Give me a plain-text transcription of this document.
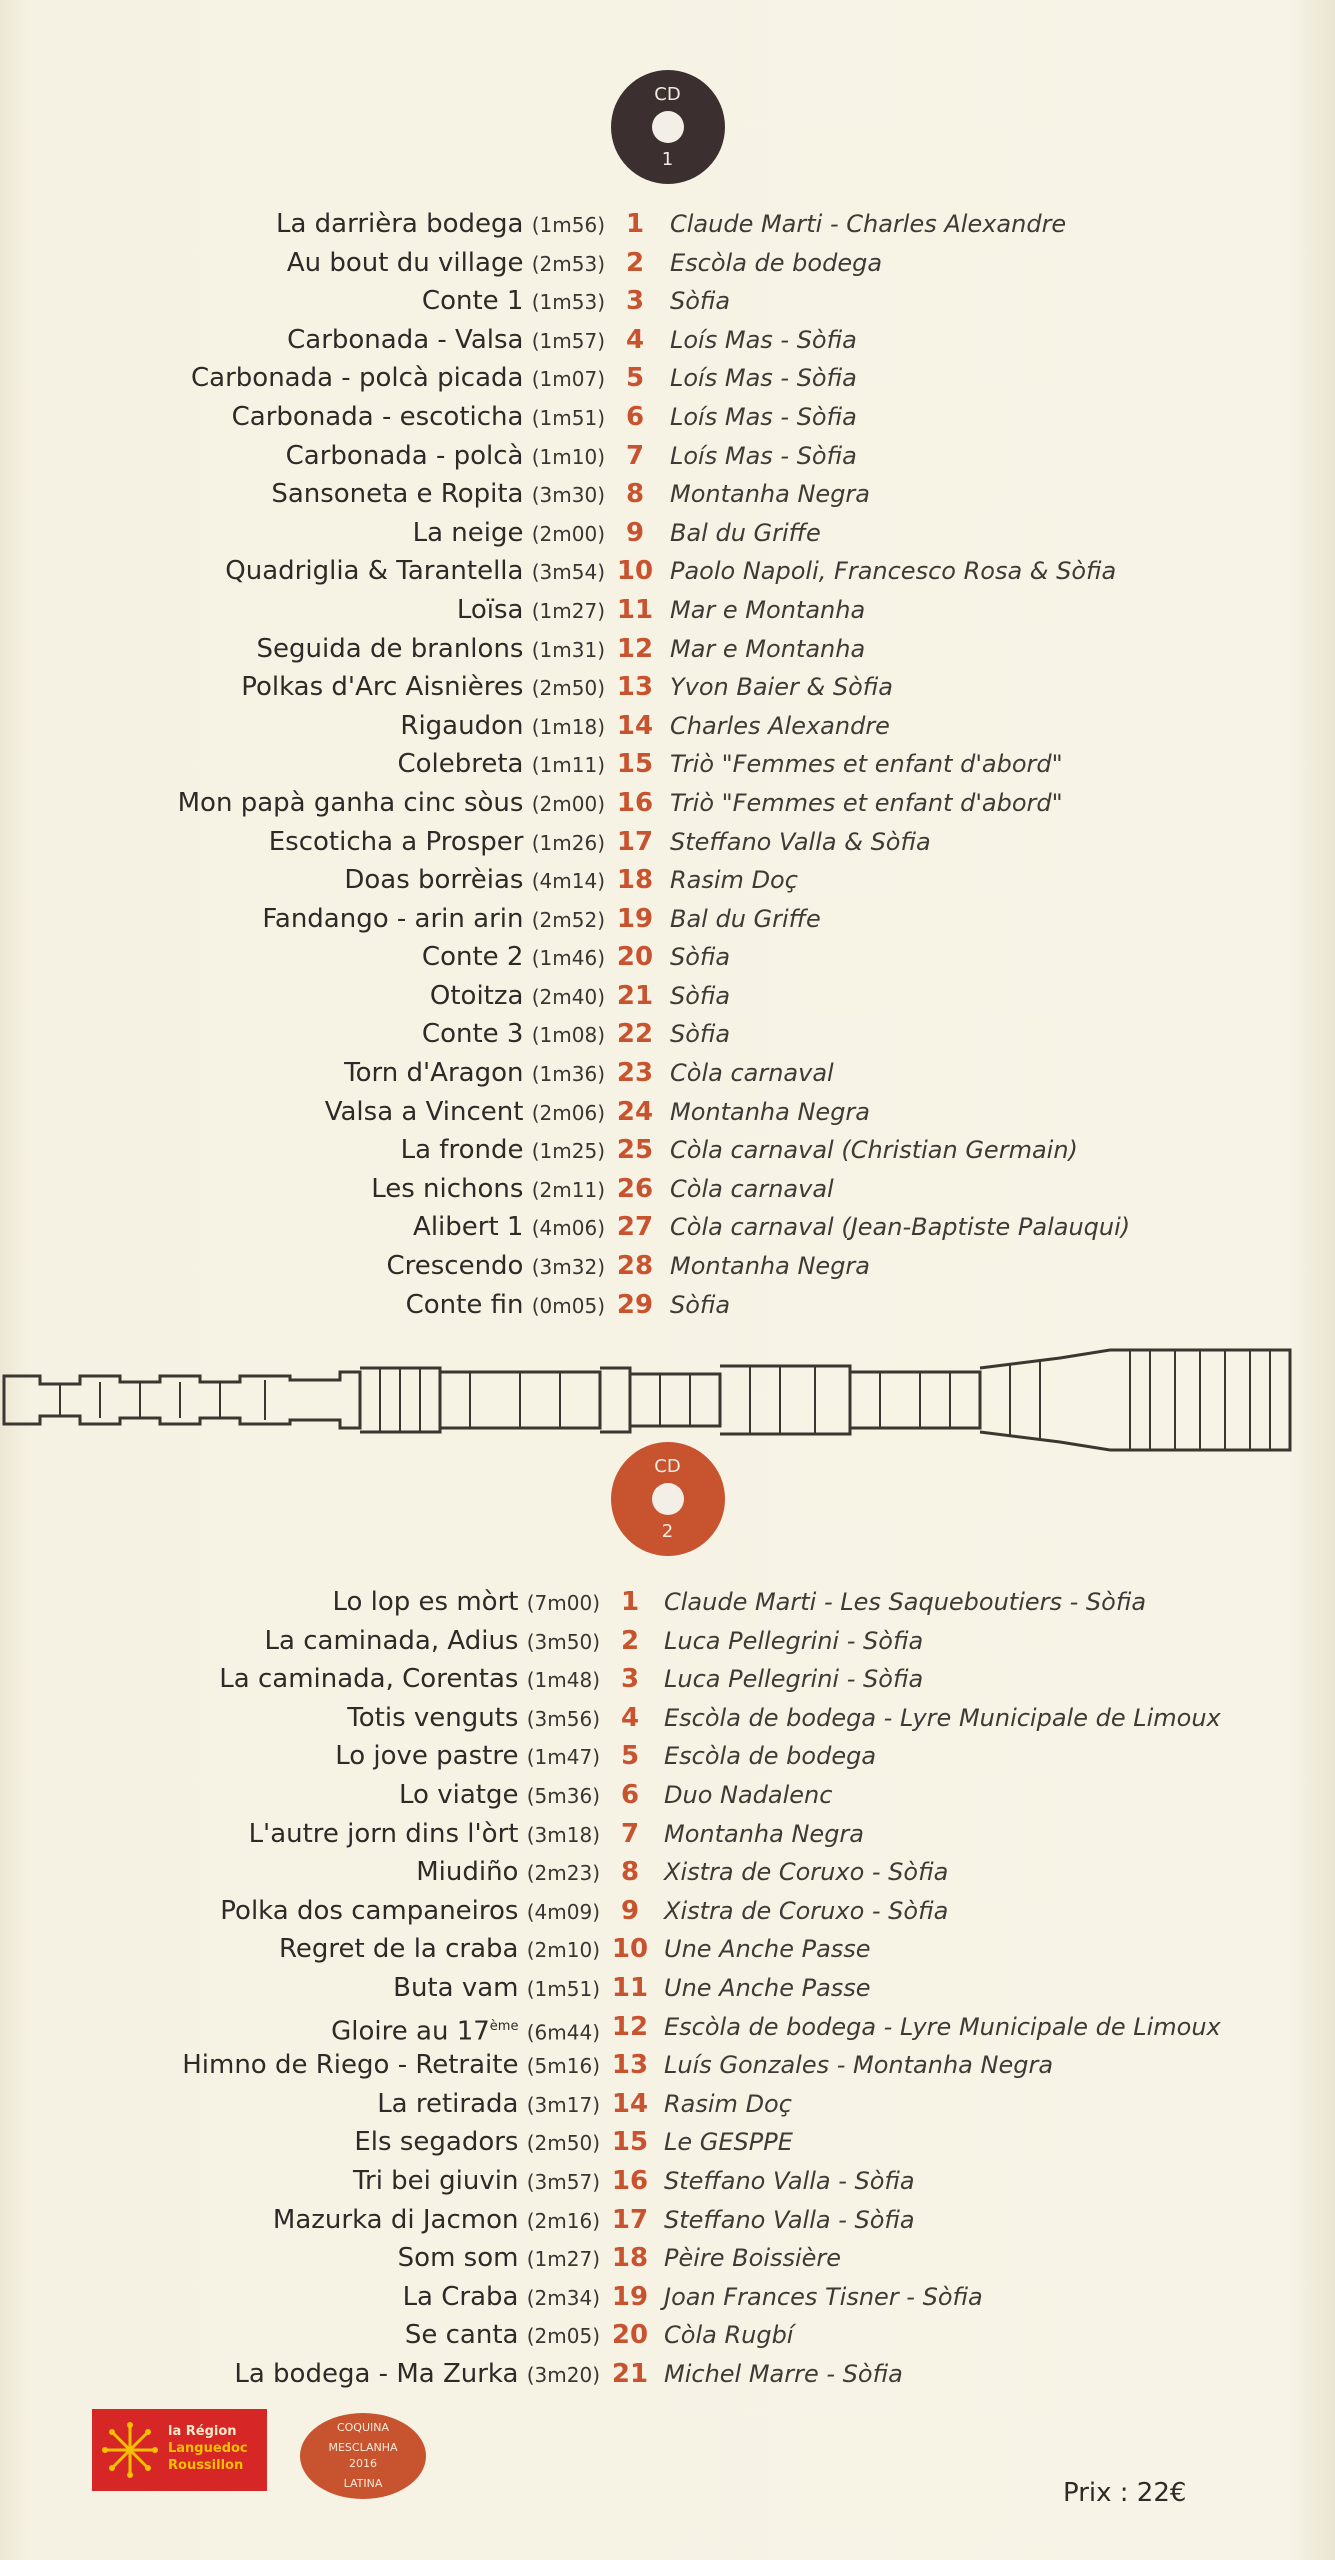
CD
1
La darrièra bodega (1m56) 1	Claude Marti - Charles Alexandre
Au bout du village (2m53) 2	Escòla de bodega
Conte 1 (1m53) 3	Sòfia
Carbonada - Valsa (1m57) 4	Loís Mas - Sòfia
Carbonada - polcà picada (1m07) 5	Loís Mas - Sòfia
Carbonada - escoticha (1m51) 6	Loís Mas - Sòfia
Carbonada - polcà (1m10) 7	Loís Mas - Sòfia
Sansoneta e Ropita (3m30) 8	Montanha Negra
La neige (2m00) 9	Bal du Griffe
Quadriglia & Tarantella (3m54) 10 Paolo Napoli, Francesco Rosa & Sòfia
Loïsa (1m27) 11 Mar e Montanha
Seguida de branlons (1m31) 12 Mar e Montanha
Polkas d'Arc Aisnières (2m50) 13 Yvon Baier & Sòfia
Rigaudon (1m18) 14 Charles Alexandre
Colebreta (1m11) 15 Triò "Femmes et enfant d'abord"
Mon papà ganha cinc sòus (2m00) 16 Triò "Femmes et enfant d'abord"
Escoticha a Prosper (1m26) 17 Steffano Valla & Sòfia
Doas borrèias (4m14) 18 Rasim Doç
Fandango - arin arin (2m52) 19 Bal du Griffe
Conte 2 (1m46) 20 Sòfia
Otoitza (2m40) 21 Sòfia
Conte 3 (1m08) 22 Sòfia
Torn d'Aragon (1m36) 23 Còla carnaval
Valsa a Vincent (2m06) 24 Montanha Negra
La fronde (1m25) 25 Còla carnaval (Christian Germain)
Les nichons (2m11) 26 Còla carnaval
Alibert 1 (4m06) 27 Còla carnaval (Jean-Baptiste Palauqui)
Crescendo (3m32) 28 Montanha Negra
Conte fin (0m05) 29 Sòfia
CD
2
Lo lop es mòrt (7m00) 1	Claude Marti - Les Saqueboutiers - Sòfia
La caminada, Adius (3m50) 2	Luca Pellegrini - Sòfia
La caminada, Corentas (1m48) 3	Luca Pellegrini - Sòfia
Totis venguts (3m56) 4	Escòla de bodega - Lyre Municipale de Limoux
Lo jove pastre (1m47) 5	Escòla de bodega
Lo viatge (5m36) 6	Duo Nadalenc
L'autre jorn dins l'òrt (3m18) 7	Montanha Negra
Miudiño (2m23) 8	Xistra de Coruxo - Sòfia
Polka dos campaneiros (4m09) 9	Xistra de Coruxo - Sòfia
Regret de la craba (2m10) 10 Une Anche Passe
Buta vam (1m51) 11 Une Anche Passe
Gloire au 17ème (6m44) 12 Escòla de bodega - Lyre Municipale de Limoux
Himno de Riego - Retraite (5m16) 13 Luís Gonzales - Montanha Negra
La retirada (3m17) 14 Rasim Doç
Els segadors (2m50) 15 Le GESPPE
Tri bei giuvin (3m57) 16 Steffano Valla - Sòfia
Mazurka di Jacmon (2m16) 17 Steffano Valla - Sòfia
Som som (1m27) 18 Pèire Boissière
La Craba (2m34) 19 Joan Frances Tisner - Sòfia
Se canta (2m05) 20 Còla Rugbí
La bodega - Ma Zurka (3m20) 21 Michel Marre - Sòfia
la Région
Languedoc
Roussillon
COQUINA
MESCLANHA
2016
LATINA	Prix : 22€
